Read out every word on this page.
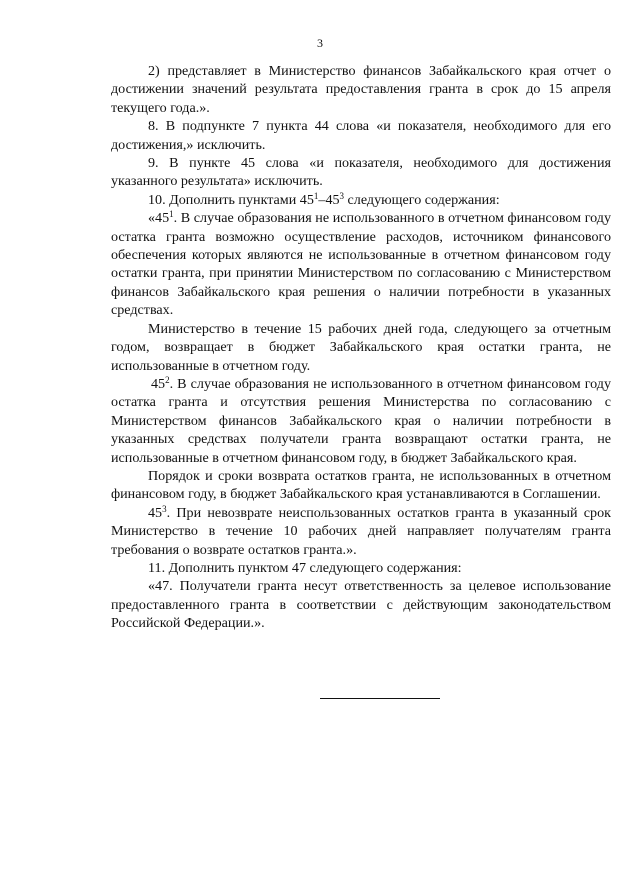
3

2) представляет в Министерство финансов Забайкальского края отчет о достижении значений результата предоставления гранта в срок до 15 апреля текущего года.».

8. В подпункте 7 пункта 44 слова «и показателя, необходимого для его достижения,» исключить.

9. В пункте 45 слова «и показателя, необходимого для достижения указанного результата» исключить.

10. Дополнить пунктами $45^1-45^3$ следующего содержания:

«$45^1$. В случае образования не использованного в отчетном финансовом году остатка гранта возможно осуществление расходов, источником финансового обеспечения которых являются не использованные в отчетном финансовом году остатки гранта, при принятии Министерством по согласованию с Министерством финансов Забайкальского края решения о наличии потребности в указанных средствах.

Министерство в течение 15 рабочих дней года, следующего за отчетным годом, возвращает в бюджет Забайкальского края остатки гранта, не использованные в отчетном году.

$45^2$. В случае образования не использованного в отчетном финансовом году остатка гранта и отсутствия решения Министерства по согласованию с Министерством финансов Забайкальского края о наличии потребности в указанных средствах получатели гранта возвращают остатки гранта, не использованные в отчетном финансовом году, в бюджет Забайкальского края.

Порядок и сроки возврата остатков гранта, не использованных в отчетном финансовом году, в бюджет Забайкальского края устанавливаются в Соглашении.

$45^3$. При невозврате неиспользованных остатков гранта в указанный срок Министерство в течение 10 рабочих дней направляет получателям гранта требования о возврате остатков гранта.».

11. Дополнить пунктом 47 следующего содержания:

«47. Получатели гранта несут ответственность за целевое использование предоставленного гранта в соответствии с действующим законодательством Российской Федерации.».
